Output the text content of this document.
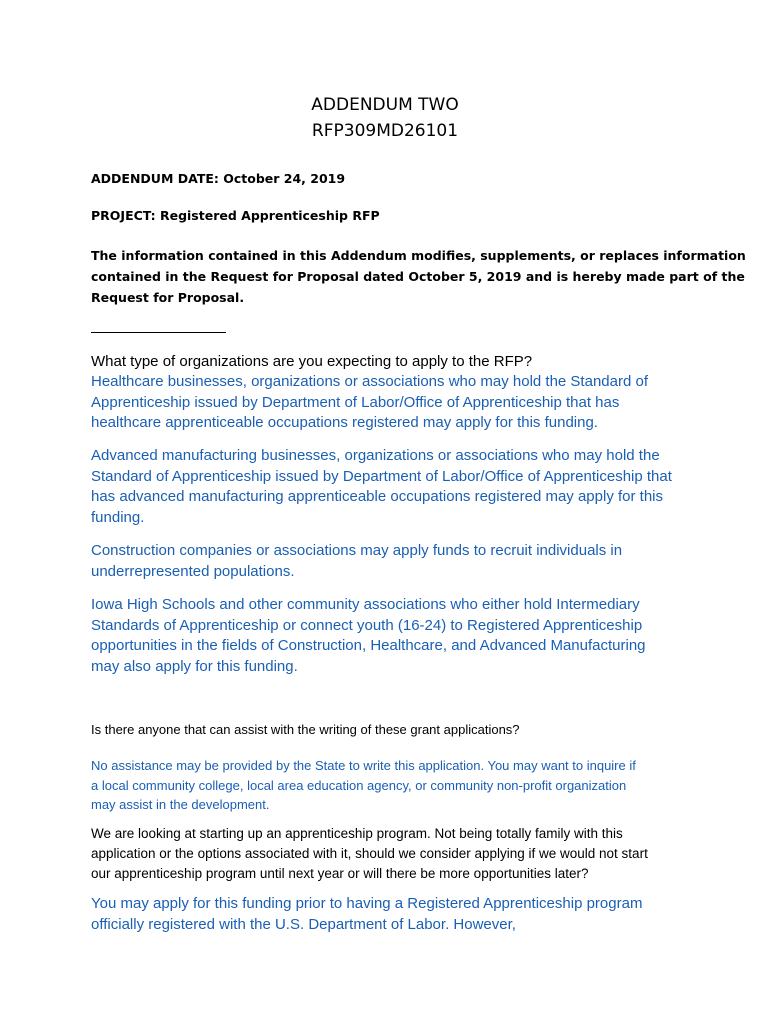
ADDENDUM TWO
RFP309MD26101
ADDENDUM DATE: October 24, 2019
PROJECT: Registered Apprenticeship RFP
The information contained in this Addendum modifies, supplements, or replaces information
contained in the Request for Proposal dated October 5, 2019 and is hereby made part of the
Request for Proposal.
What type of organizations are you expecting to apply to the RFP?
Healthcare businesses, organizations or associations who may hold the Standard of
Apprenticeship issued by Department of Labor/Office of Apprenticeship that has
healthcare apprenticeable occupations registered may apply for this funding.
Advanced manufacturing businesses, organizations or associations who may hold the
Standard of Apprenticeship issued by Department of Labor/Office of Apprenticeship that
has advanced manufacturing apprenticeable occupations registered may apply for this
funding.
Construction companies or associations may apply funds to recruit individuals in
underrepresented populations.
Iowa High Schools and other community associations who either hold Intermediary
Standards of Apprenticeship or connect youth (16-24) to Registered Apprenticeship
opportunities in the fields of Construction, Healthcare, and Advanced Manufacturing
may also apply for this funding.
Is there anyone that can assist with the writing of these grant applications?
No assistance may be provided by the State to write this application. You may want to inquire if
a local community college, local area education agency, or community non-profit organization
may assist in the development.
We are looking at starting up an apprenticeship program. Not being totally family with this
application or the options associated with it, should we consider applying if we would not start
our apprenticeship program until next year or will there be more opportunities later?
You may apply for this funding prior to having a Registered Apprenticeship program
officially registered with the U.S. Department of Labor. However,
